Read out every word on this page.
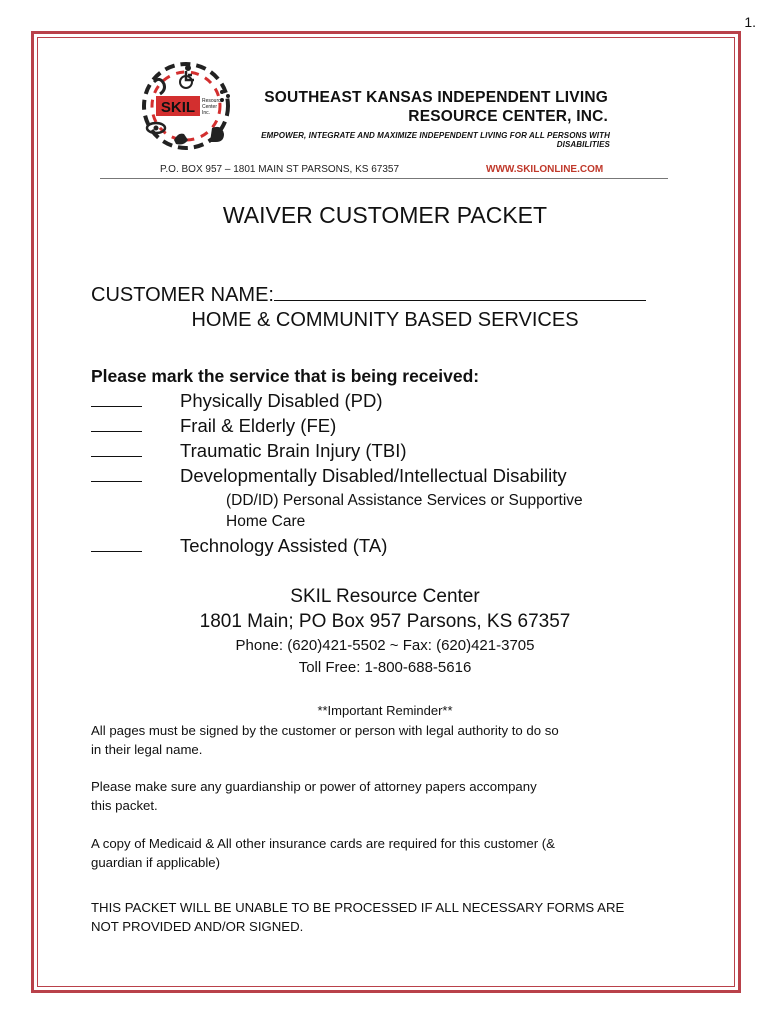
1.
SKIL Resource
Center
Inc.
SOUTHEAST KANSAS INDEPENDENT LIVING
RESOURCE CENTER, INC.
EMPOWER, INTEGRATE AND MAXIMIZE INDEPENDENT LIVING FOR ALL PERSONS WITH DISABILITIES
P.O. BOX 957 – 1801 MAIN ST PARSONS, KS 67357	WWW.SKILONLINE.COM
WAIVER CUSTOMER PACKET
CUSTOMER NAME:
HOME & COMMUNITY BASED SERVICES
Please mark the service that is being received:
Physically Disabled (PD)
Frail & Elderly (FE)
Traumatic Brain Injury (TBI)
Developmentally Disabled/Intellectual Disability
(DD/ID) Personal Assistance Services or Supportive
Home Care
Technology Assisted (TA)
SKIL Resource Center
1801 Main; PO Box 957 Parsons, KS 67357
Phone: (620)421-5502 ~ Fax: (620)421-3705
Toll Free: 1-800-688-5616
**Important Reminder**
All pages must be signed by the customer or person with legal authority to do so
in their legal name.
Please make sure any guardianship or power of attorney papers accompany
this packet.
A copy of Medicaid & All other insurance cards are required for this customer (&
guardian if applicable)
THIS PACKET WILL BE UNABLE TO BE PROCESSED IF ALL NECESSARY FORMS ARE
NOT PROVIDED AND/OR SIGNED.
